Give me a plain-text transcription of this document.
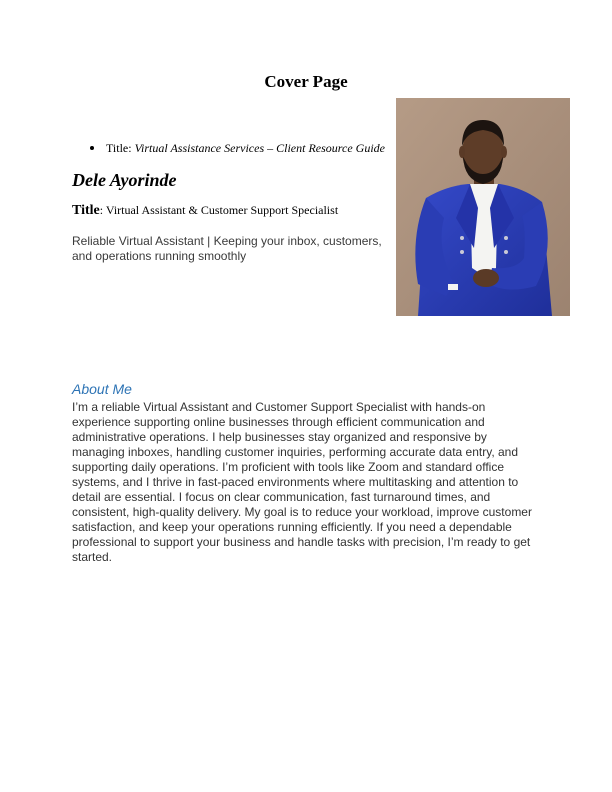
Cover Page
Title: Virtual Assistance Services – Client Resource Guide
Dele Ayorinde
Title: Virtual Assistant & Customer Support Specialist
Reliable Virtual Assistant | Keeping your inbox, customers, and operations running smoothly
About Me
I’m a reliable Virtual Assistant and Customer Support Specialist with hands-on experience supporting online businesses through efficient communication and administrative operations. I help businesses stay organized and responsive by managing inboxes, handling customer inquiries, performing accurate data entry, and supporting daily operations. I’m proficient with tools like Zoom and standard office systems, and I thrive in fast-paced environments where multitasking and attention to detail are essential. I focus on clear communication, fast turnaround times, and consistent, high-quality delivery. My goal is to reduce your workload, improve customer satisfaction, and keep your operations running efficiently. If you need a dependable professional to support your business and handle tasks with precision, I’m ready to get started.
